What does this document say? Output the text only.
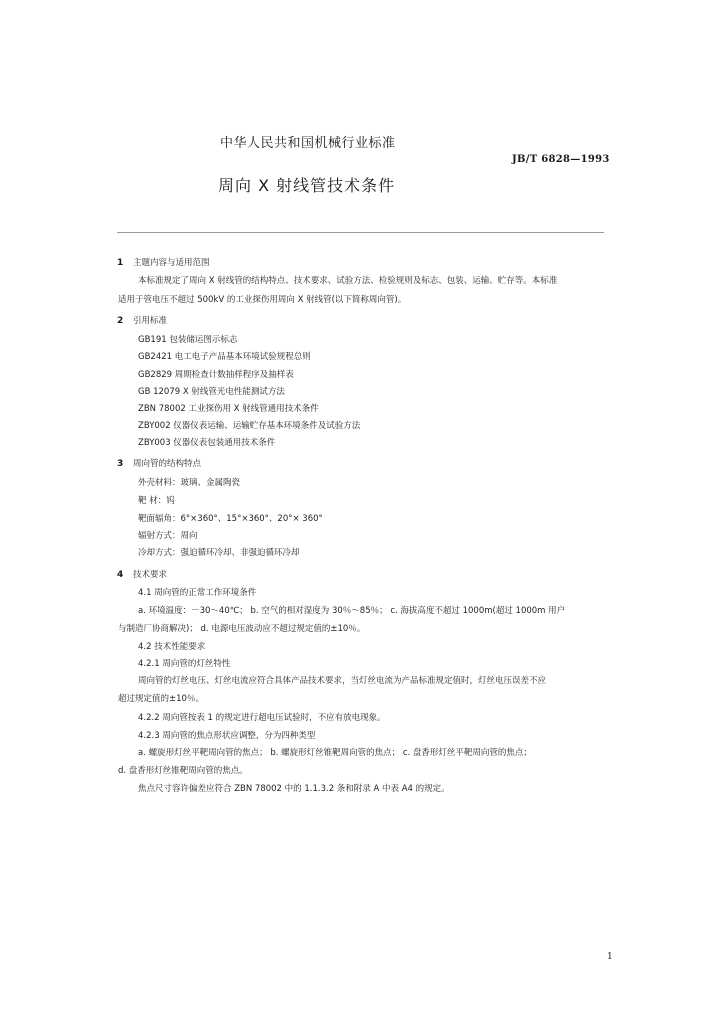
中华人民共和国机械行业标准
JB/T 6828—1993
周向 X 射线管技术条件
1 主题内容与适用范围
本标准规定了周向 X 射线管的结构特点、技术要求、试验方法、检验规则及标志、包装、运输、贮存等。本标准
适用于管电压不超过 500kV 的工业探伤用周向 X 射线管(以下简称周向管)。
2 引用标准
GB191 包装储运图示标志
GB2421 电工电子产品基本环境试验规程总则
GB2829 周期检查计数抽样程序及抽样表
GB 12079 X 射线管光电性能测试方法
ZBN 78002 工业探伤用 X 射线管通用技术条件
ZBY002 仪器仪表运输、运输贮存基本环境条件及试验方法
ZBY003 仪器仪表包装通用技术条件
3 周向管的结构特点
外壳材料：玻璃、金属陶瓷
靶 材：钨
靶面辐角：6°×360°、15°×360°、20°× 360°
辐射方式：周向
冷却方式：强迫循环冷却、非强迫循环冷却
4 技术要求
4.1 周向管的正常工作环境条件
a. 环境温度：－30～40℃； b. 空气的相对湿度为 30％～85％； c. 海拔高度不超过 1000m(超过 1000m 用户
与制造厂协商解决)； d. 电源电压波动应不超过规定值的±10％。
4.2 技术性能要求
4.2.1 周向管的灯丝特性
周向管的灯丝电压、灯丝电流应符合具体产品技术要求，当灯丝电流为产品标准规定值时，灯丝电压误差不应
超过规定值的±10％。
4.2.2 周向管按表 1 的规定进行超电压试验时，不应有放电现象。
4.2.3 周向管的焦点形状应调整，分为四种类型
a. 螺旋形灯丝平靶周向管的焦点； b. 螺旋形灯丝锥靶周向管的焦点； c. 盘香形灯丝平靶周向管的焦点；
d. 盘香形灯丝锥靶周向管的焦点。
焦点尺寸容许偏差应符合 ZBN 78002 中的 1.1.3.2 条和附录 A 中表 A4 的规定。
1
